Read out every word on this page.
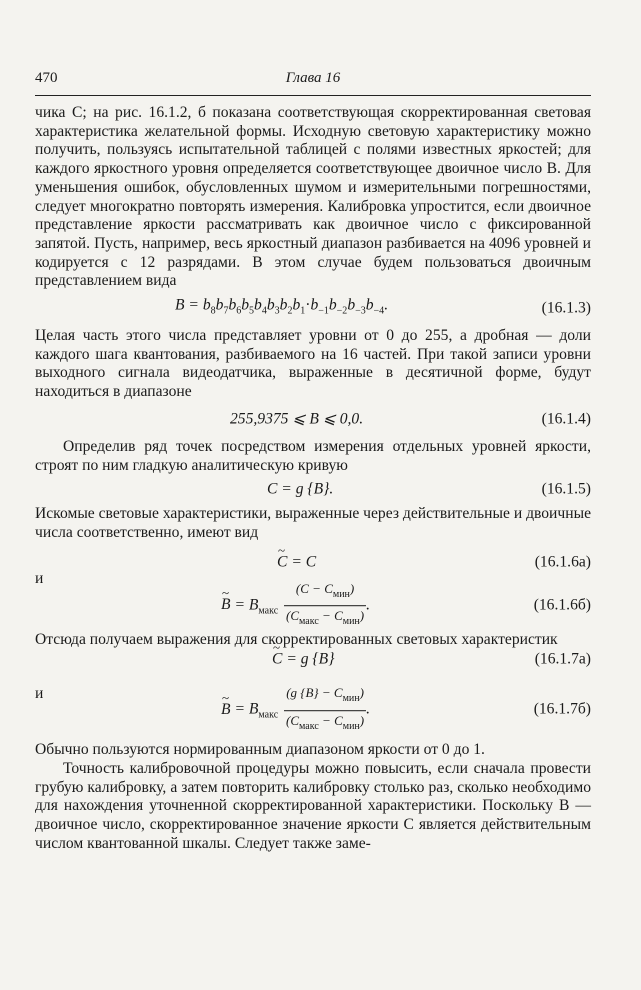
470	Глава 16

чика C; на рис. 16.1.2, б показана соответствующая скорректированная световая характеристика желательной формы. Исходную световую характеристику можно получить, пользуясь испытательной таблицей с полями известных яркостей; для каждого яркостного уровня определяется соответствующее двоичное число B. Для уменьшения ошибок, обусловленных шумом и измерительными погрешностями, следует многократно повторять измерения. Калибровка упростится, если двоичное представление яркости рассматривать как двоичное число с фиксированной запятой. Пусть, например, весь яркостный диапазон разбивается на 4096 уровней и кодируется с 12 разрядами. В этом случае будем пользоваться двоичным представлением вида

$B = b_8b_7b_6b_5b_4b_3b_2b_1\cdot b_{-1}b_{-2}b_{-3}b_{-4}$.	(16.1.3)

Целая часть этого числа представляет уровни от 0 до 255, а дробная — доли каждого шага квантования, разбиваемого на 16 частей. При такой записи уровни выходного сигнала видеодатчика, выраженные в десятичной форме, будут находиться в диапазоне

255,9375 ⩽ B ⩽ 0,0.	(16.1.4)

Определив ряд точек посредством измерения отдельных уровней яркости, строят по ним гладкую аналитическую кривую

C = g {B}.	(16.1.5)

Искомые световые характеристики, выраженные через действительные и двоичные числа соответственно, имеют вид

~ C = C	(16.1.6а)
и
~ $B = B_{макс} \frac{(C - C_{мин})}{(C_{макс} - C_{мин})}$ .	(16.1.6б)

Отсюда получаем выражения для скорректированных световых характеристик

~ C = g {B}	(16.1.7а)
и
~ $B = B_{макс} \frac{(g \{B\} - C_{мин})}{(C_{макс} - C_{мин})}$ .	(16.1.7б)

Обычно пользуются нормированным диапазоном яркости от 0 до 1.

Точность калибровочной процедуры можно повысить, если сначала провести грубую калибровку, а затем повторить калибровку столько раз, сколько необходимо для нахождения уточненной скорректированной характеристики. Поскольку B — двоичное число, скорректированное значение яркости C является действительным числом квантованной шкалы. Следует также заме-
